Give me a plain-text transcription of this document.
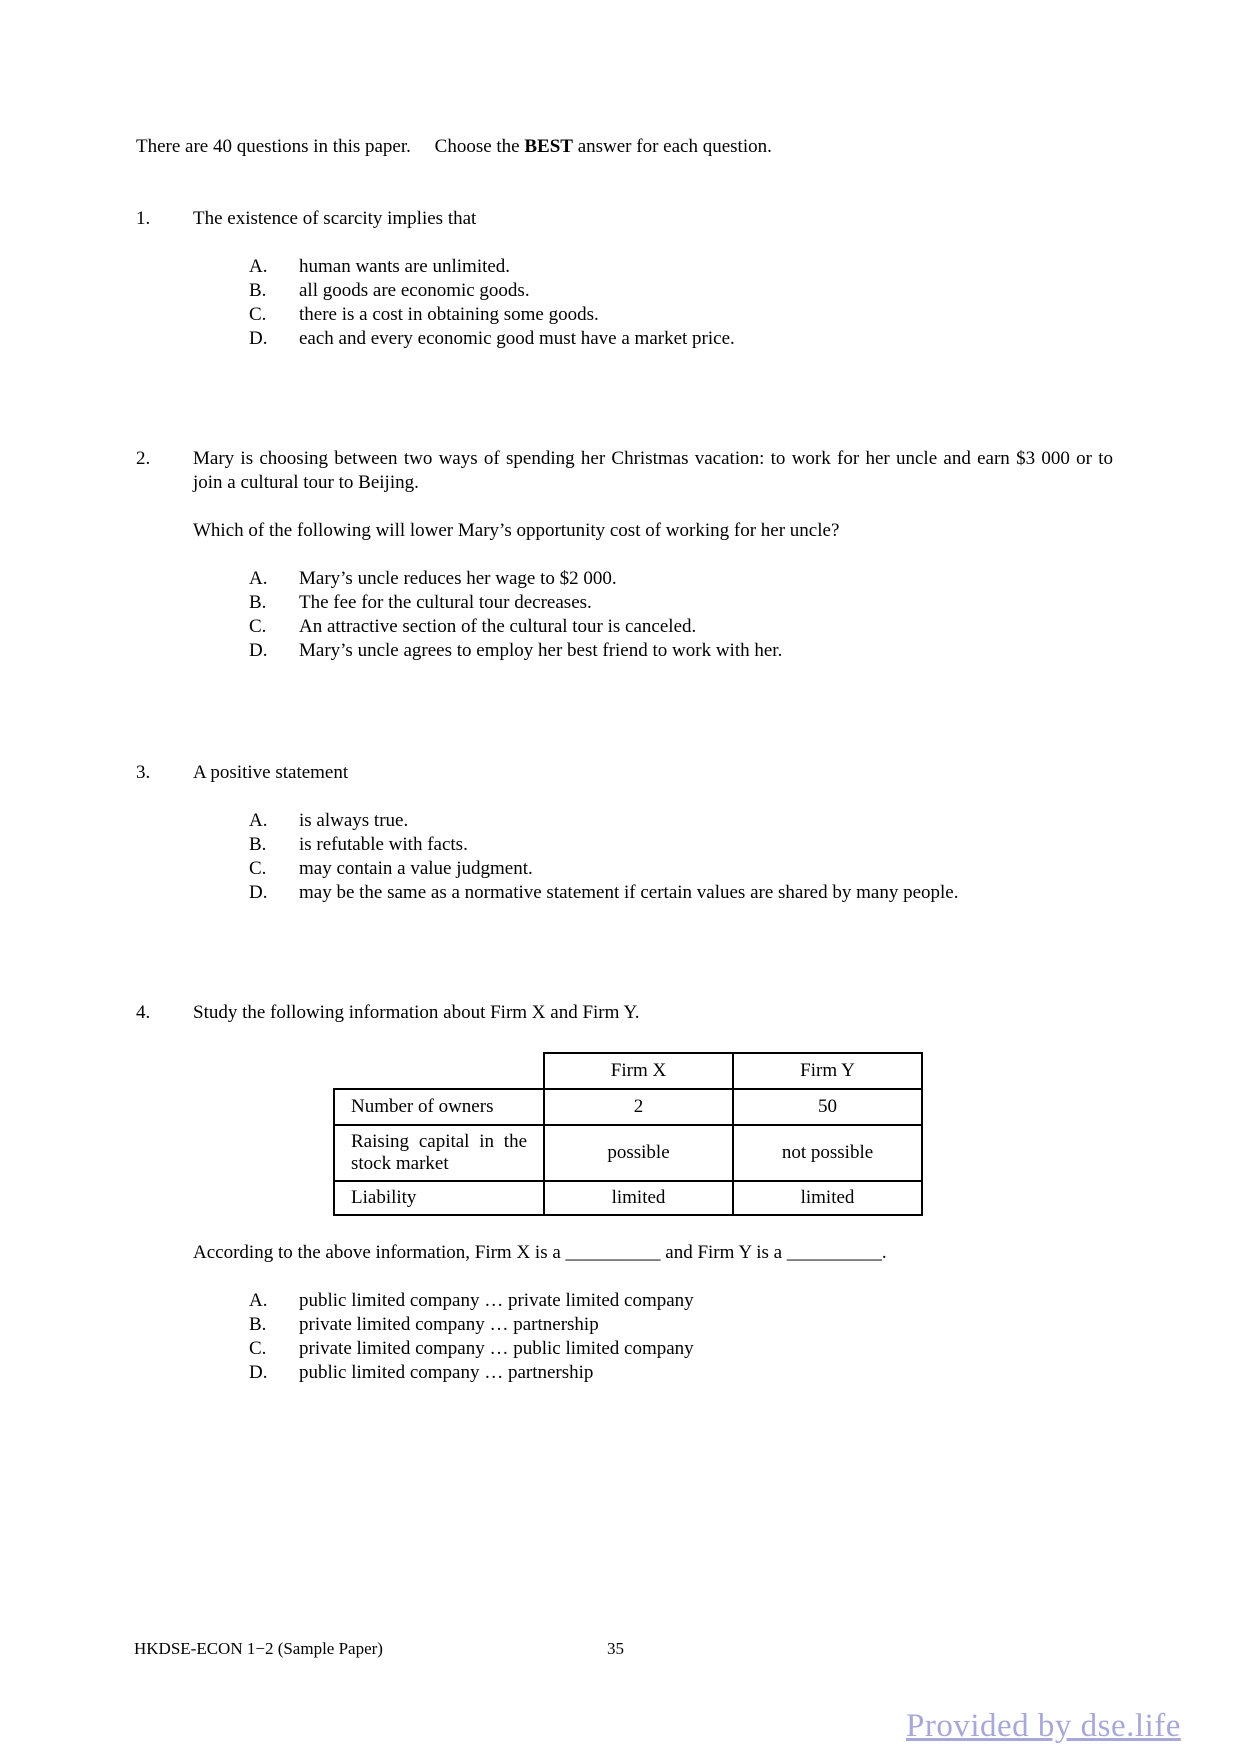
There are 40 questions in this paper.     Choose the BEST answer for each question.
1. The existence of scarcity implies that
A. human wants are unlimited.
B. all goods are economic goods.
C. there is a cost in obtaining some goods.
D. each and every economic good must have a market price.
2. Mary is choosing between two ways of spending her Christmas vacation: to work for her uncle and earn $3 000 or to join a cultural tour to Beijing.
Which of the following will lower Mary’s opportunity cost of working for her uncle?
A. Mary’s uncle reduces her wage to $2 000.
B. The fee for the cultural tour decreases.
C. An attractive section of the cultural tour is canceled.
D. Mary’s uncle agrees to employ her best friend to work with her.
3. A positive statement
A. is always true.
B. is refutable with facts.
C. may contain a value judgment.
D. may be the same as a normative statement if certain values are shared by many people.
4. Study the following information about Firm X and Firm Y.
	Firm X	Firm Y
Number of owners	2	50
Raising capital in the stock market	possible	not possible
Liability	limited	limited
According to the above information, Firm X is a __________ and Firm Y is a __________.
A. public limited company … private limited company
B. private limited company … partnership
C. private limited company … public limited company
D. public limited company … partnership
HKDSE-ECON 1−2 (Sample Paper)	35
Provided by dse.life
